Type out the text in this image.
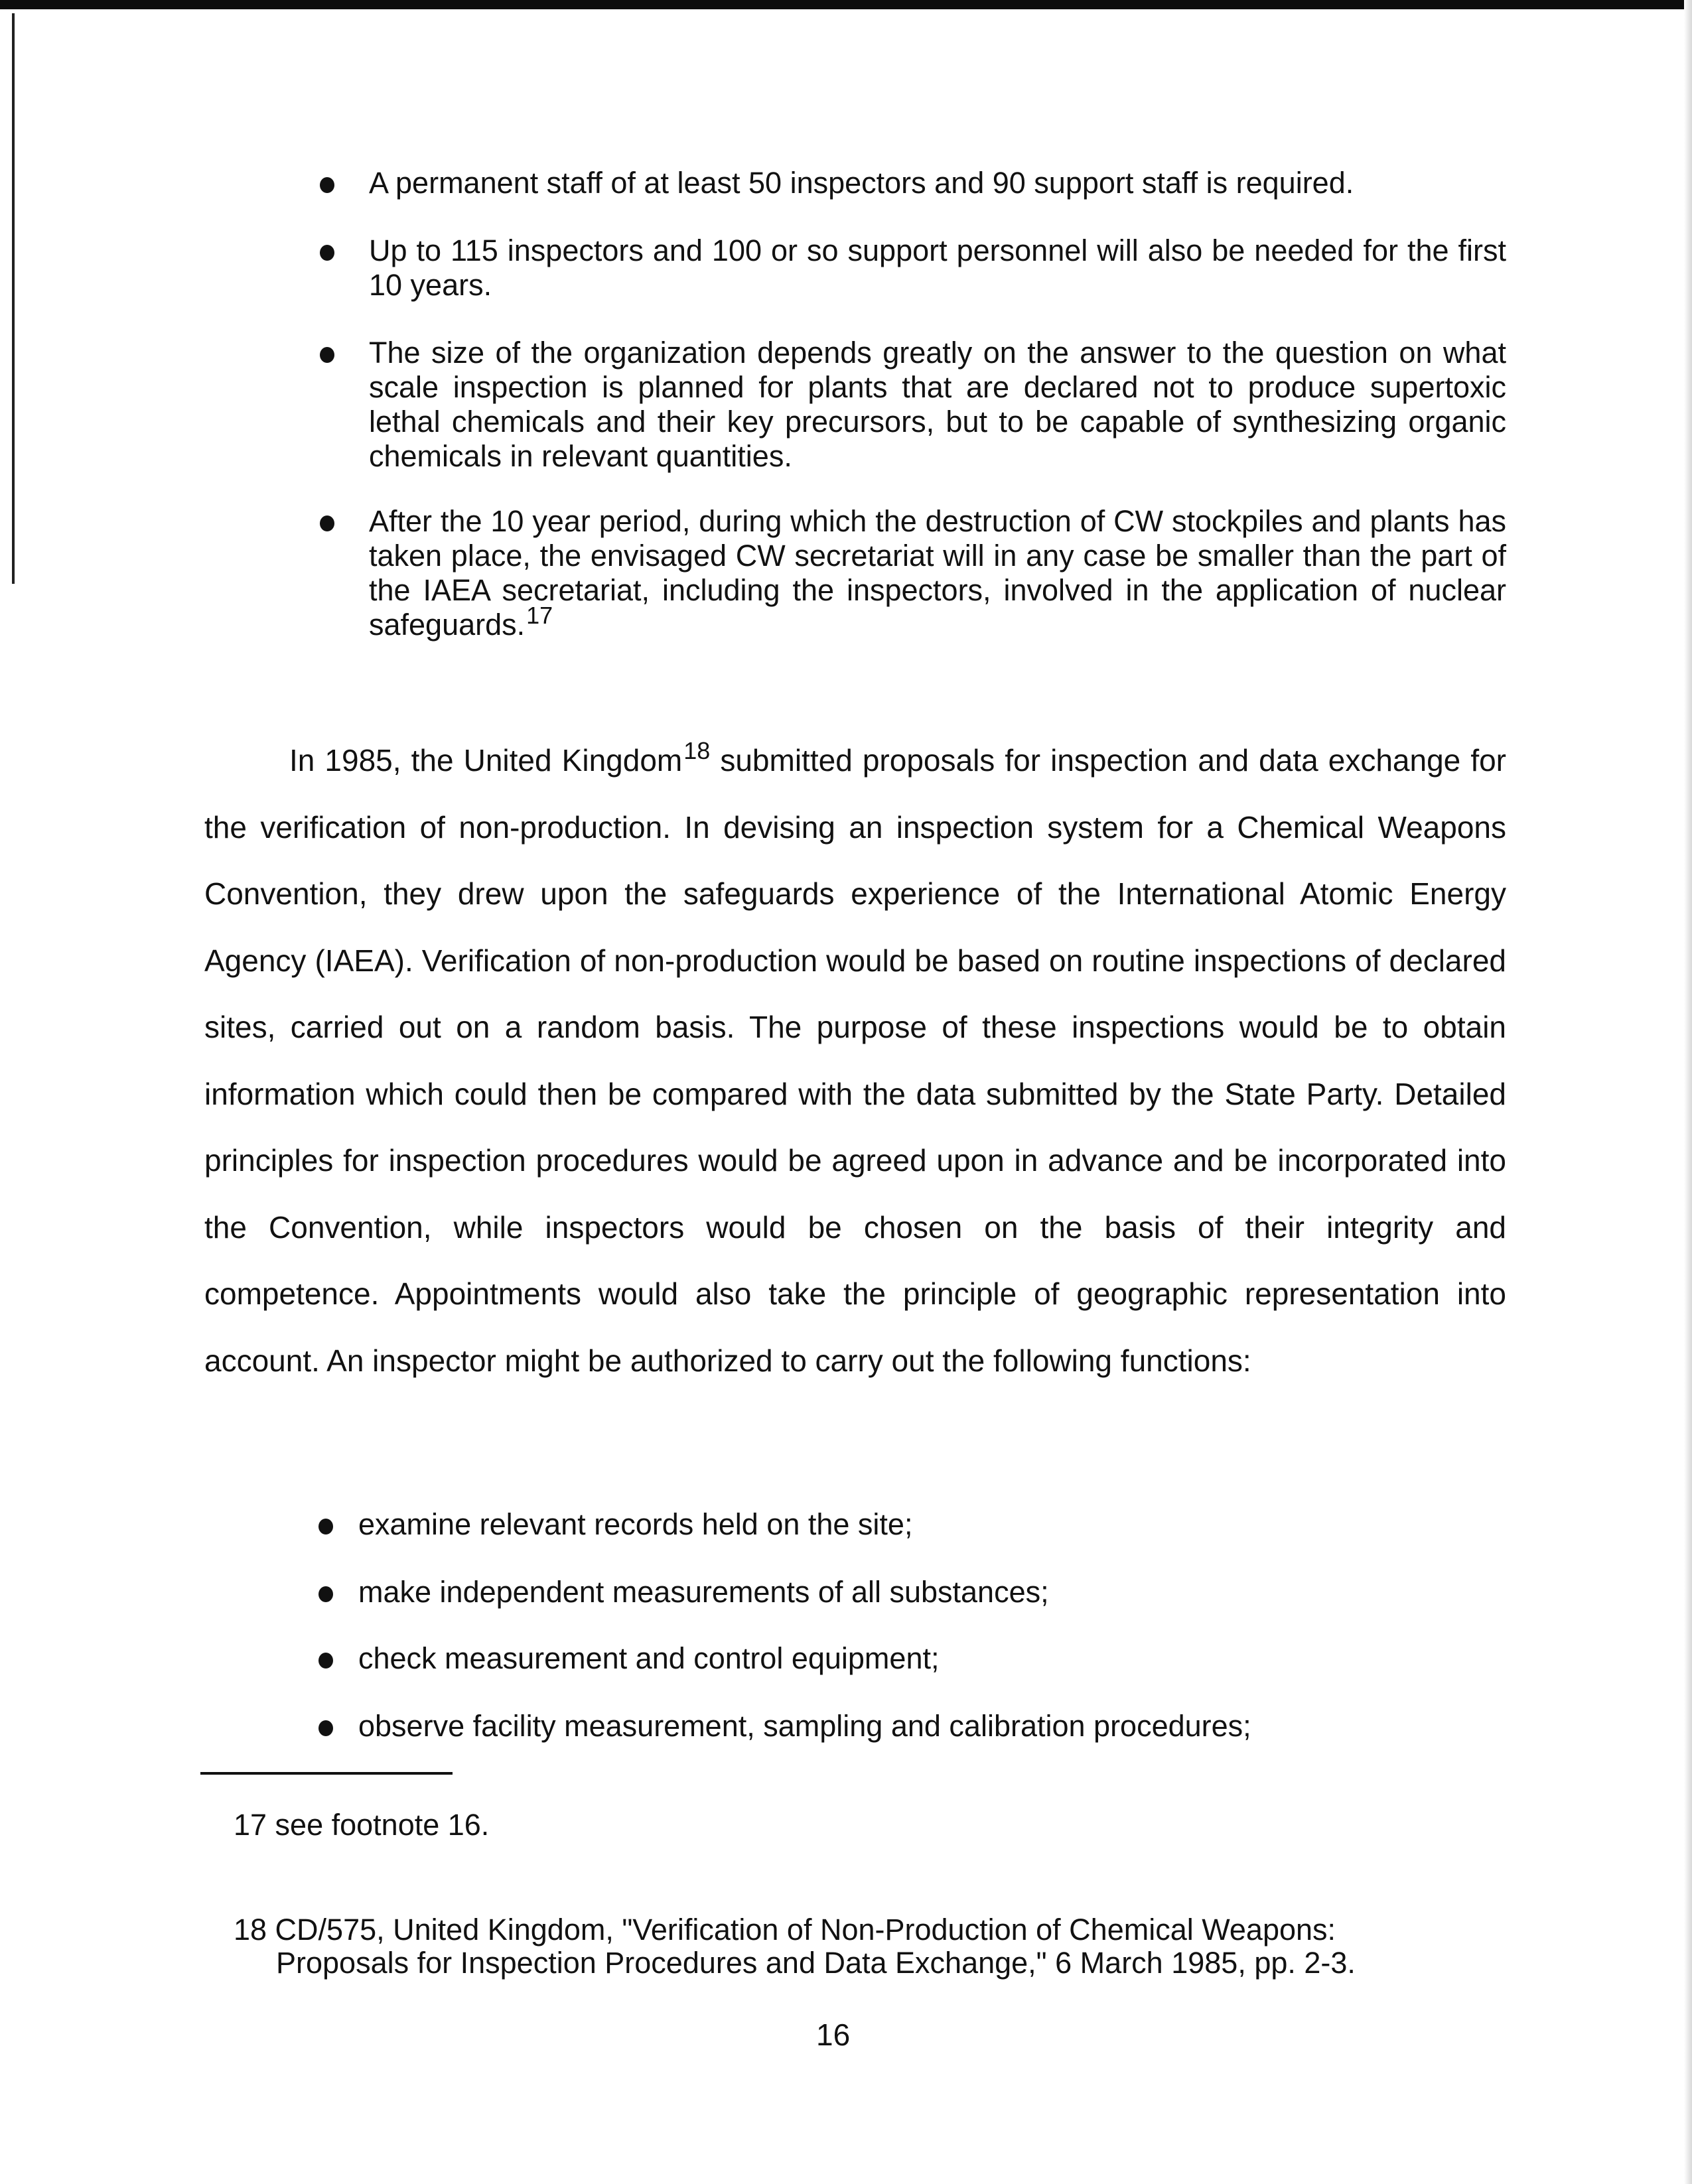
A permanent staff of at least 50 inspectors and 90 support staff is required.
Up to 115 inspectors and 100 or so support personnel will also be needed for the first 10 years.
The size of the organization depends greatly on the answer to the question on what scale inspection is planned for plants that are declared not to produce supertoxic lethal chemicals and their key precursors, but to be capable of synthesizing organic chemicals in relevant quantities.
After the 10 year period, during which the destruction of CW stockpiles and plants has taken place, the envisaged CW secretariat will in any case be smaller than the part of the IAEA secretariat, including the inspectors, involved in the application of nuclear safeguards.$^{17}$
In 1985, the United Kingdom$^{18}$ submitted proposals for inspection and data exchange for the verification of non-production. In devising an inspection system for a Chemical Weapons Convention, they drew upon the safeguards experience of the International Atomic Energy Agency (IAEA). Verification of non-production would be based on routine inspections of declared sites, carried out on a random basis. The purpose of these inspections would be to obtain information which could then be compared with the data submitted by the State Party. Detailed principles for inspection procedures would be agreed upon in advance and be incorporated into the Convention, while inspectors would be chosen on the basis of their integrity and competence. Appointments would also take the principle of geographic representation into account. An inspector might be authorized to carry out the following functions:
examine relevant records held on the site;
make independent measurements of all substances;
check measurement and control equipment;
observe facility measurement, sampling and calibration procedures;
17 see footnote 16.
18 CD/575, United Kingdom, "Verification of Non-Production of Chemical Weapons:
Proposals for Inspection Procedures and Data Exchange," 6 March 1985, pp. 2-3.
16
